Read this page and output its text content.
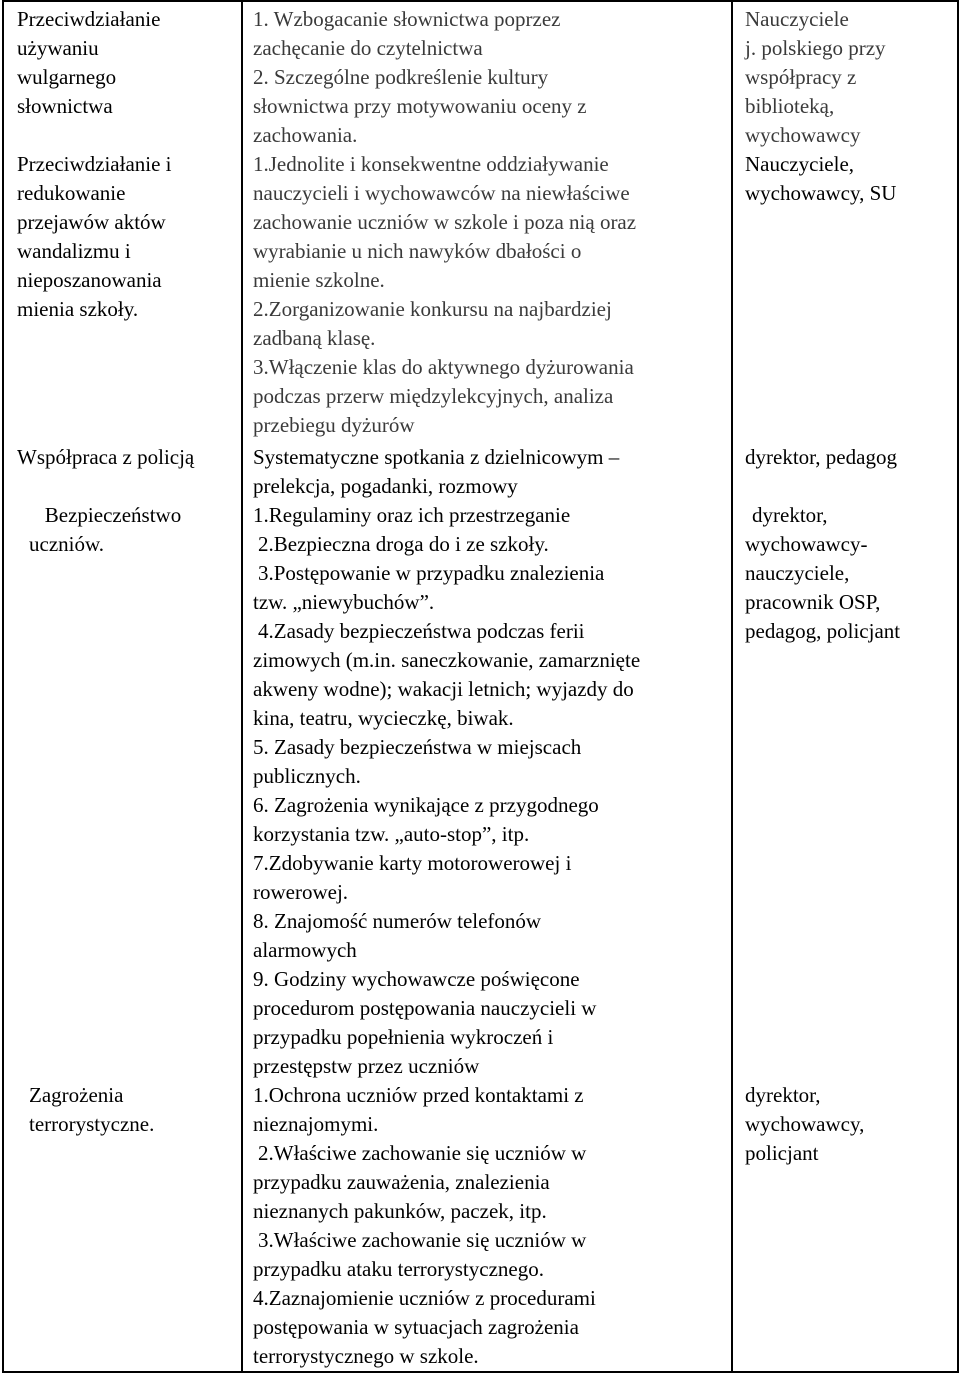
Przeciwdziałanie
używaniu
wulgarnego
słownictwa
1. Wzbogacanie słownictwa poprzez
zachęcanie do czytelnictwa
2. Szczególne podkreślenie kultury
słownictwa przy motywowaniu oceny z
zachowania.
Nauczyciele
j. polskiego przy
współpracy z
biblioteką,
wychowawcy
Przeciwdziałanie i
redukowanie
przejawów aktów
wandalizmu i
nieposzanowania
mienia szkoły.
1.Jednolite i konsekwentne oddziaływanie
nauczycieli i wychowawców na niewłaściwe
zachowanie uczniów w szkole i poza nią oraz
wyrabianie u nich nawyków dbałości o
mienie szkolne.
2.Zorganizowanie konkursu na najbardziej
zadbaną klasę.
3.Włączenie klas do aktywnego dyżurowania
podczas przerw międzylekcyjnych, analiza
przebiegu dyżurów
Nauczyciele,
wychowawcy, SU
Współpraca z policją	Systematyczne spotkania z dzielnicowym –
prelekcja, pogadanki, rozmowy
dyrektor, pedagog
Bezpieczeństwo
uczniów.
1.Regulaminy oraz ich przestrzeganie
2.Bezpieczna droga do i ze szkoły.
3.Postępowanie w przypadku znalezienia
tzw. „niewybuchów”.
4.Zasady bezpieczeństwa podczas ferii
zimowych (m.in. saneczkowanie, zamarznięte
akweny wodne); wakacji letnich; wyjazdy do
kina, teatru, wycieczkę, biwak.
5. Zasady bezpieczeństwa w miejscach
publicznych.
6. Zagrożenia wynikające z przygodnego
korzystania tzw. „auto-stop”, itp.
7.Zdobywanie karty motorowerowej i
rowerowej.
8. Znajomość numerów telefonów
alarmowych
9. Godziny wychowawcze poświęcone
procedurom postępowania nauczycieli w
przypadku popełnienia wykroczeń i
przestępstw przez uczniów
dyrektor,
wychowawcy-
nauczyciele,
pracownik OSP,
pedagog, policjant
Zagrożenia
terrorystyczne.
1.Ochrona uczniów przed kontaktami z
nieznajomymi.
2.Właściwe zachowanie się uczniów w
przypadku zauważenia, znalezienia
nieznanych pakunków, paczek, itp.
3.Właściwe zachowanie się uczniów w
przypadku ataku terrorystycznego.
4.Zaznajomienie uczniów z procedurami
postępowania w sytuacjach zagrożenia
terrorystycznego w szkole.
dyrektor,
wychowawcy,
policjant
